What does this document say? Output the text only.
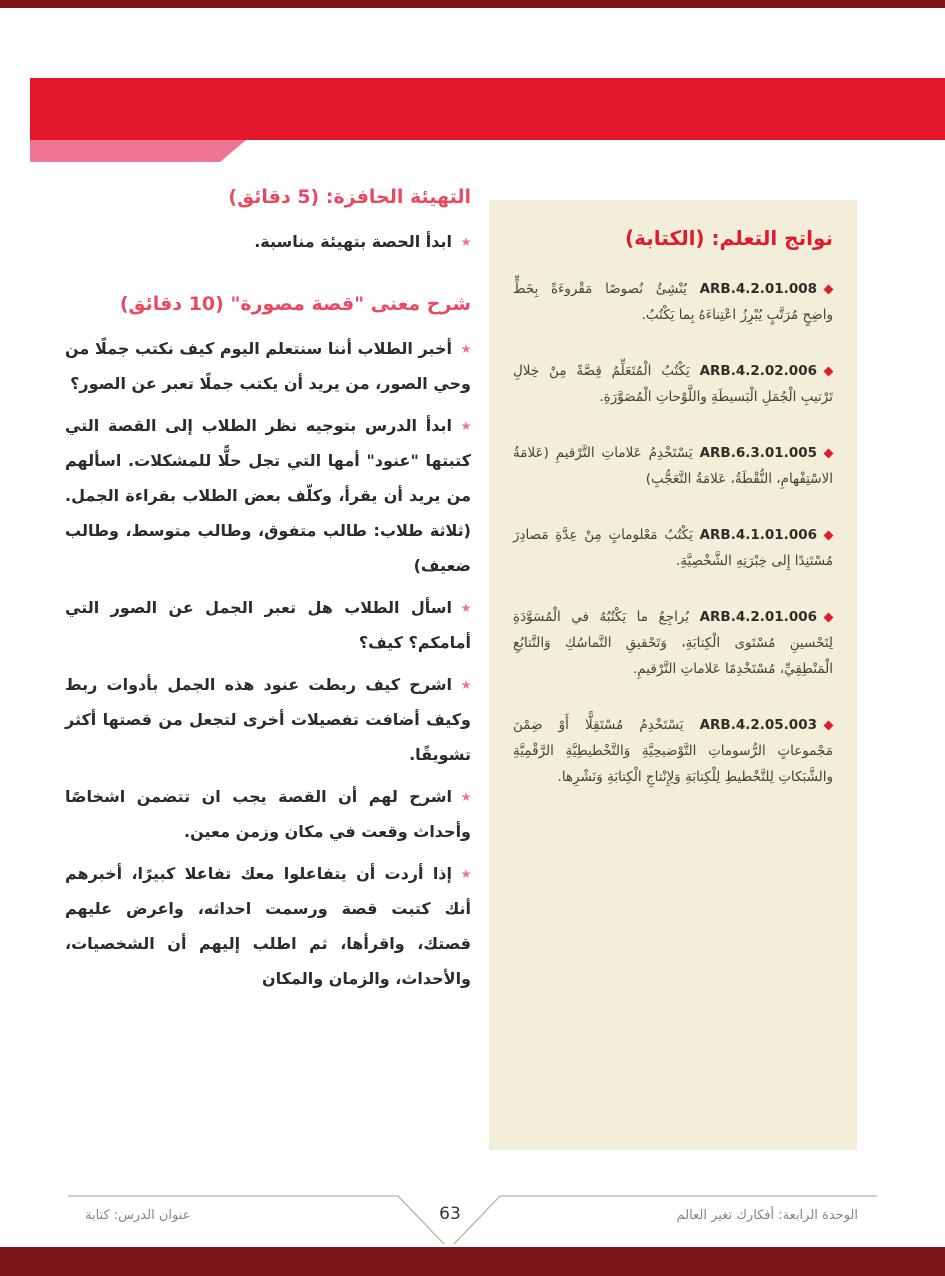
نواتج التعلم: (الكتابة)

ARB.4.2.01.008 يُنْشِئُ نُصوصًا مَقْروءَةً بِخَطٍّ واضِحٍ مُرَتَّبٍ يُبْرِزُ اعْتِناءَهُ بِما يَكْتُبُ.

ARB.4.2.02.006 يَكْتُبُ الْمُتَعَلِّمُ قِصَّةً مِنْ خِلالِ تَرْتيبِ الْجُمَلِ الْبَسيطَةِ واللَّوْحاتِ الْمُصَوَّرَةِ.

ARB.6.3.01.005 يَسْتَخْدِمُ عَلاماتِ التَّرْقيمِ (عَلامَةُ الاسْتِفْهامِ، النُّقْطَةُ، عَلامَةُ التَّعَجُّبِ)

ARB.4.1.01.006 يَكْتُبُ مَعْلوماتٍ مِنْ عِدَّةِ مَصادِرَ مُسْتَنِدًا إِلى خِبْرَتِهِ الشَّخْصِيَّةِ.

ARB.4.2.01.006 يُراجِعُ ما يَكْتُبُهُ في الْمُسَوَّدَةِ لِتَحْسينِ مُسْتَوى الْكِتابَةِ، وَتَحْقيقِ التَّماسُكِ وَالتَّتابُعِ الْمَنْطِقِيِّ، مُسْتَخْدِمًا عَلاماتِ التَّرْقيمِ.

ARB.4.2.05.003 يَسْتَخْدِمُ مُسْتَقِلًّا أَوْ ضِمْنَ مَجْموعاتٍ الرُّسوماتِ التَّوْضيحِيَّةِ وَالتَّخْطيطِيَّةِ الرَّقْمِيَّةِ والشَّبَكاتِ لِلتَّخْطيطِ لِلْكِتابَةِ وَلِإِنْتاجِ الْكِتابَةِ وَنَشْرِها.

التهيئة الحافزة: (5 دقائق)

ابدأ الحصة بتهيئة مناسبة.

شرح معنى "قصة مصورة" (10 دقائق)

أخبر الطلاب أننا سنتعلم اليوم كيف نكتب جملًا من وحي الصور، من يريد أن يكتب جملًا تعبر عن الصور؟

ابدأ الدرس بتوجيه نظر الطلاب إلى القصة التي كتبتها "عنود" أمها التي تجل حلًّا للمشكلات. اسألهم من يريد أن يقرأ، وكلّف بعض الطلاب بقراءة الجمل. (ثلاثة طلاب: طالب متفوق، وطالب متوسط، وطالب ضعيف)

اسأل الطلاب هل تعبر الجمل عن الصور التي أمامكم؟ كيف؟

اشرح كيف ربطت عنود هذه الجمل بأدوات ربط وكيف أضافت تفصيلات أخرى لتجعل من قصتها أكثر تشويقًا.

اشرح لهم أن القصة يجب ان تتضمن اشخاصًا وأحداث وقعت في مكان وزمن معين.

إذا أردت أن يتفاعلوا معك تفاعلا كبيرًا، أخبرهم أنك كتبت قصة ورسمت احداثه، واعرض عليهم قصتك، واقرأها، ثم اطلب إليهم أن الشخصيات، والأحداث، والزمان والمكان

63
عنوان الدرس: كتابة	الوحدة الرابعة: أفكارك تغير العالم
